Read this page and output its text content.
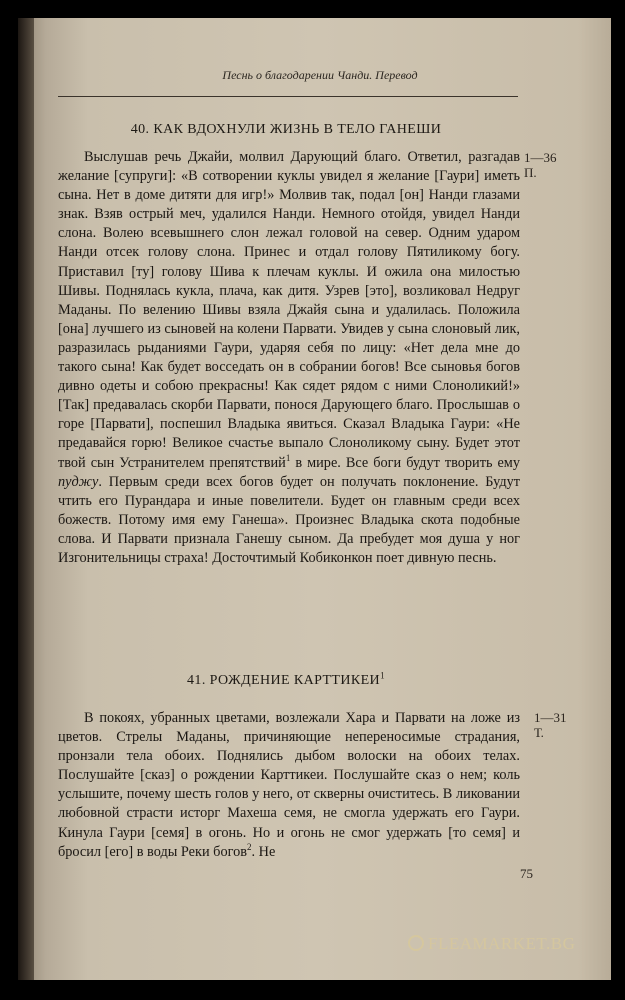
Песнь о благодарении Чанди. Перевод
40. КАК ВДОХНУЛИ ЖИЗНЬ В ТЕЛО ГАНЕШИ
Выслушав речь Джайи, молвил Дарующий благо. Ответил, разгадав желание [супруги]: «В сотворении куклы увидел я желание [Гаури] иметь сына. Нет в доме дитяти для игр!» Молвив так, подал [он] Нанди глазами знак. Взяв острый меч, удалился Нанди. Немного отойдя, увидел Нанди слона. Волею всевышнего слон лежал головой на север. Одним ударом Нанди отсек голову слона. Принес и отдал голову Пятиликому богу. Приставил [ту] голову Шива к плечам куклы. И ожила она милостью Шивы. Поднялась кукла, плача, как дитя. Узрев [это], возликовал Недруг Маданы. По велению Шивы взяла Джайя сына и удалилась. Положила [она] лучшего из сыновей на колени Парвати. Увидев у сына слоновый лик, разразилась рыданиями Гаури, ударяя себя по лицу: «Нет дела мне до такого сына! Как будет восседать он в собрании богов! Все сыновья богов дивно одеты и собою прекрасны! Как сядет рядом с ними Слоноликий!» [Так] предавалась скорби Парвати, понося Дарующего благо. Прослышав о горе [Парвати], поспешил Владыка явиться. Сказал Владыка Гаури: «Не предавайся горю! Великое счастье выпало Слоноликому сыну. Будет этот твой сын Устранителем препятствий$^1$ в мире. Все боги будут творить ему пуджу. Первым среди всех богов будет он получать поклонение. Будут чтить его Пурандара и иные повелители. Будет он главным среди всех божеств. Потому имя ему Ганеша». Произнес Владыка скота подобные слова. И Парвати признала Ганешу сыном. Да пребудет моя душа у ног Изгонительницы страха! Досточтимый Кобиконкон поет дивную песнь.
1—36
П.
41. РОЖДЕНИЕ КАРТТИКЕИ$^1$
В покоях, убранных цветами, возлежали Хара и Парвати на ложе из цветов. Стрелы Маданы, причиняющие непереносимые страдания, пронзали тела обоих. Поднялись дыбом волоски на обоих телах. Послушайте [сказ] о рождении Карттикеи. Послушайте сказ о нем; коль услышите, почему шесть голов у него, от скверны очиститесь. В ликовании любовной страсти исторг Махеша семя, не смогла удержать его Гаури. Кинула Гаури [семя] в огонь. Но и огонь не смог удержать [то семя] и бросил [его] в воды Реки богов$^2$. Не
1—31
Т.
75
FLEAMARKET.BG
